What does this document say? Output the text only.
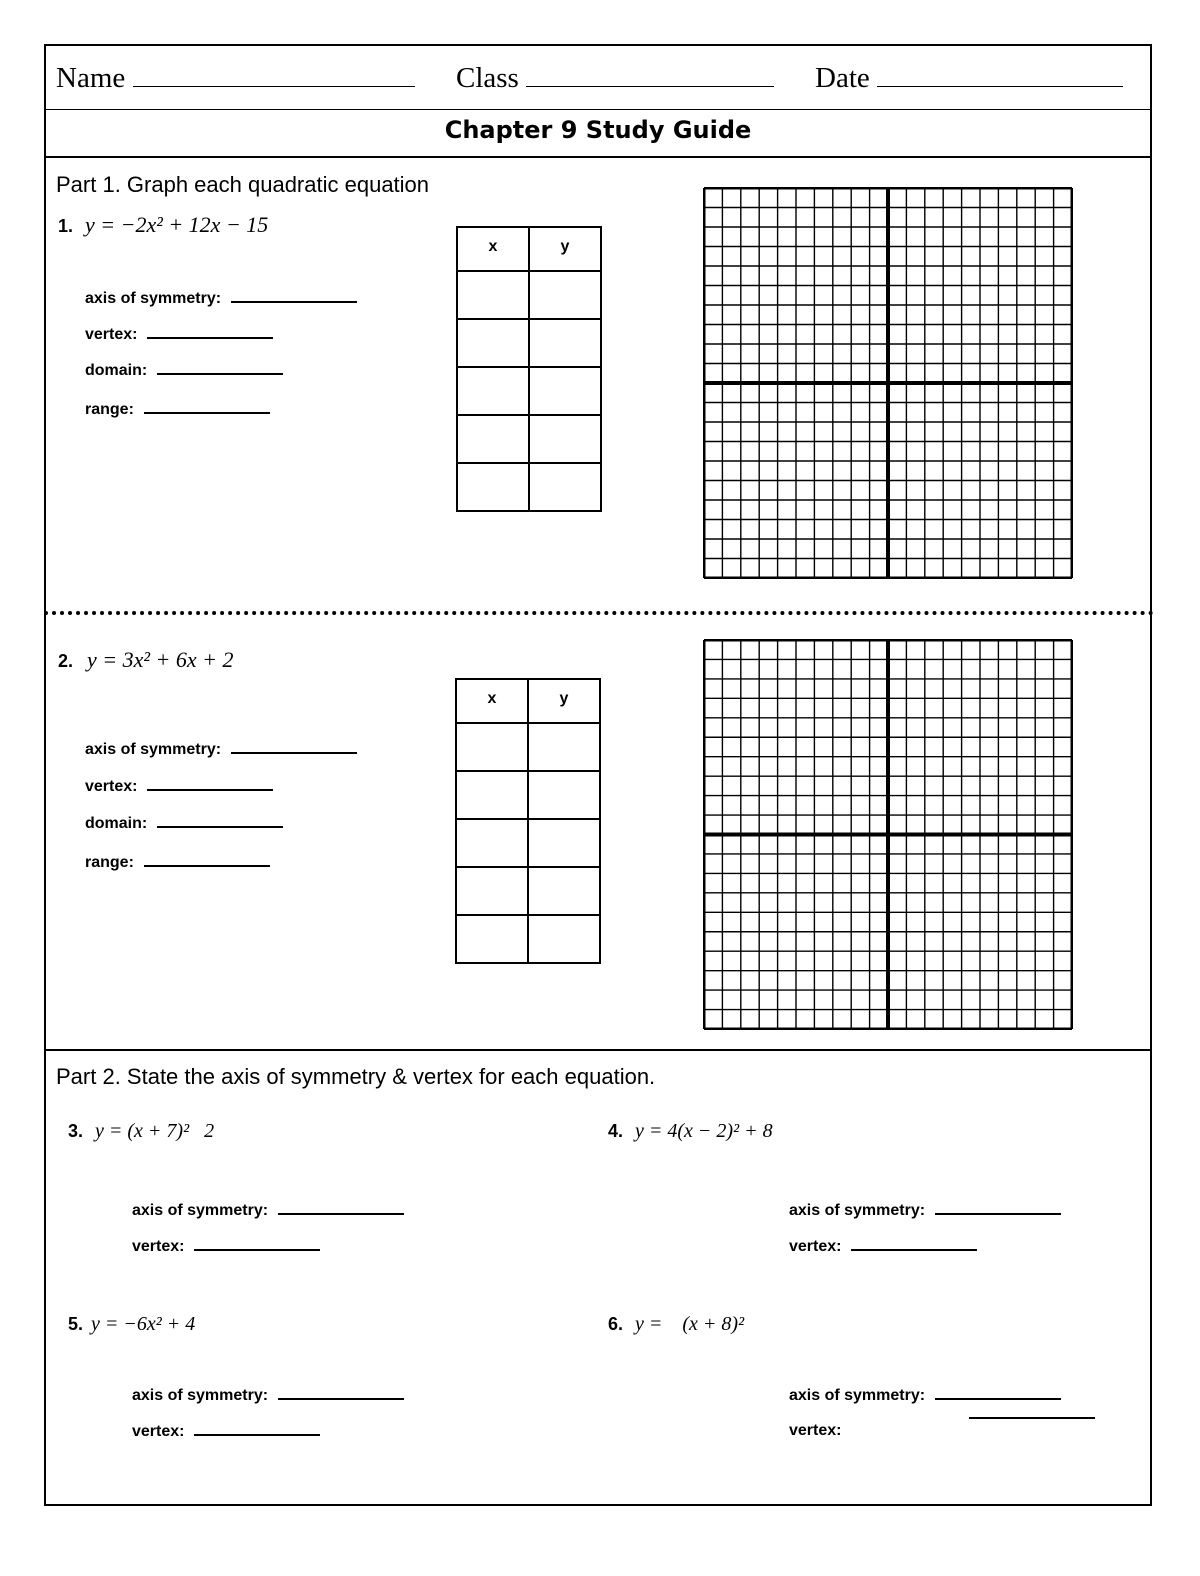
Name	Class	Date
Chapter 9 Study Guide
Part 1. Graph each quadratic equation
1. y = −2x² + 12x − 15
axis of symmetry:
vertex:
domain:
range:
x	y

2. y = 3x² + 6x + 2
axis of symmetry:
vertex:
domain:
range:
x	y

Part 2. State the axis of symmetry & vertex for each equation.
3. y = (x + 7)²   2
axis of symmetry:
vertex:
4. y = 4(x − 2)² + 8
axis of symmetry:
vertex:
5. y = −6x² + 4
axis of symmetry:
vertex:
6. y =    (x + 8)²
axis of symmetry:
vertex:
